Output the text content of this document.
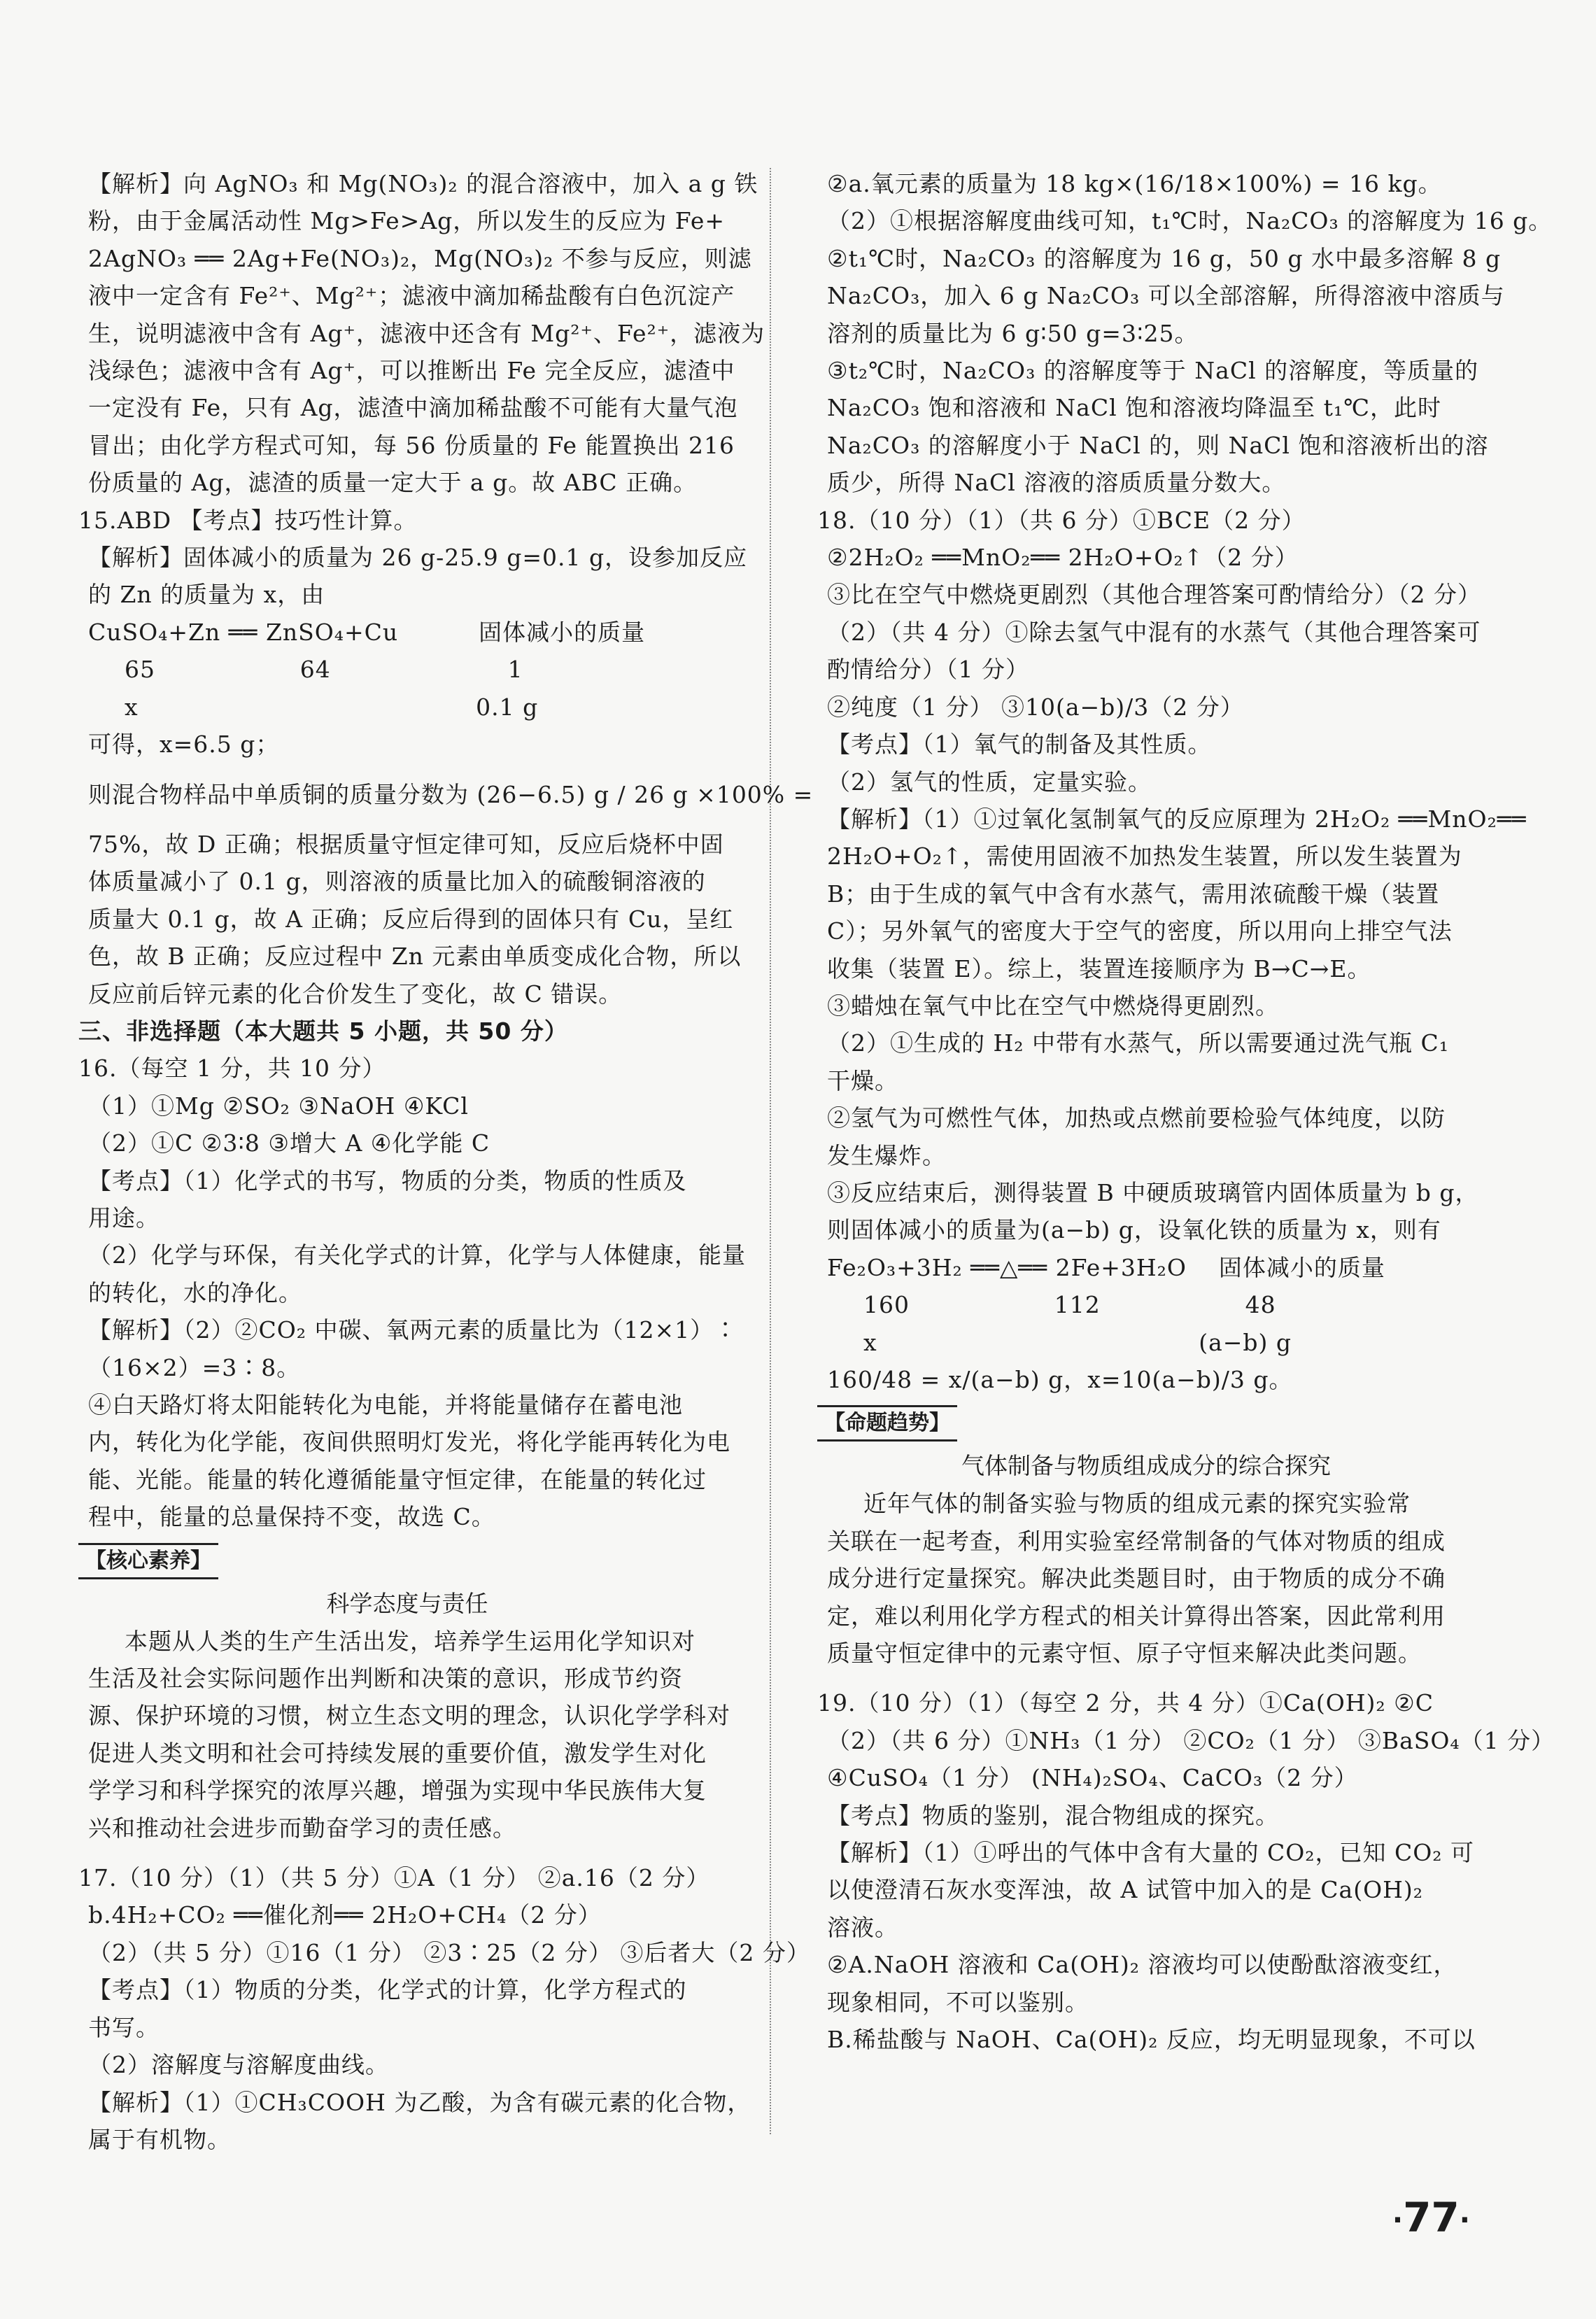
【解析】向 AgNO₃ 和 Mg(NO₃)₂ 的混合溶液中，加入 a g 铁
粉，由于金属活动性 Mg>Fe>Ag，所以发生的反应为 Fe+
2AgNO₃ ══ 2Ag+Fe(NO₃)₂，Mg(NO₃)₂ 不参与反应，则滤
液中一定含有 Fe²⁺、Mg²⁺；滤液中滴加稀盐酸有白色沉淀产
生，说明滤液中含有 Ag⁺，滤液中还含有 Mg²⁺、Fe²⁺，滤液为
浅绿色；滤液中含有 Ag⁺，可以推断出 Fe 完全反应，滤渣中
一定没有 Fe，只有 Ag，滤渣中滴加稀盐酸不可能有大量气泡
冒出；由化学方程式可知，每 56 份质量的 Fe 能置换出 216
份质量的 Ag，滤渣的质量一定大于 a g。故 ABC 正确。
15.ABD 【考点】技巧性计算。
【解析】固体减小的质量为 26 g-25.9 g=0.1 g，设参加反应
的 Zn 的质量为 x，由
CuSO₄+Zn ══ ZnSO₄+Cu          固体减小的质量
65                  64                      1
x                                          0.1 g
可得，x=6.5 g；
则混合物样品中单质铜的质量分数为 (26−6.5) g / 26 g ×100% =
75%，故 D 正确；根据质量守恒定律可知，反应后烧杯中固
体质量减小了 0.1 g，则溶液的质量比加入的硫酸铜溶液的
质量大 0.1 g，故 A 正确；反应后得到的固体只有 Cu，呈红
色，故 B 正确；反应过程中 Zn 元素由单质变成化合物，所以
反应前后锌元素的化合价发生了变化，故 C 错误。
三、非选择题（本大题共 5 小题，共 50 分）
16.（每空 1 分，共 10 分）
（1）①Mg ②SO₂ ③NaOH ④KCl
（2）①C ②3∶8 ③增大 A ④化学能 C
【考点】（1）化学式的书写，物质的分类，物质的性质及
用途。
（2）化学与环保，有关化学式的计算，化学与人体健康，能量
的转化，水的净化。
【解析】（2）②CO₂ 中碳、氧两元素的质量比为（12×1）∶
（16×2）=3∶8。
④白天路灯将太阳能转化为电能，并将能量储存在蓄电池
内，转化为化学能，夜间供照明灯发光，将化学能再转化为电
能、光能。能量的转化遵循能量守恒定律，在能量的转化过
程中，能量的总量保持不变，故选 C。
【核心素养】
科学态度与责任
本题从人类的生产生活出发，培养学生运用化学知识对
生活及社会实际问题作出判断和决策的意识，形成节约资
源、保护环境的习惯，树立生态文明的理念，认识化学学科对
促进人类文明和社会可持续发展的重要价值，激发学生对化
学学习和科学探究的浓厚兴趣，增强为实现中华民族伟大复
兴和推动社会进步而勤奋学习的责任感。
17.（10 分）（1）（共 5 分）①A（1 分） ②a.16（2 分）
b.4H₂+CO₂ ══催化剂══ 2H₂O+CH₄（2 分）
（2）（共 5 分）①16（1 分） ②3∶25（2 分） ③后者大（2 分）
【考点】（1）物质的分类，化学式的计算，化学方程式的
书写。
（2）溶解度与溶解度曲线。
【解析】（1）①CH₃COOH 为乙酸，为含有碳元素的化合物，
属于有机物。
②a.氧元素的质量为 18 kg×(16/18×100%) = 16 kg。
（2）①根据溶解度曲线可知，t₁℃时，Na₂CO₃ 的溶解度为 16 g。
②t₁℃时，Na₂CO₃ 的溶解度为 16 g，50 g 水中最多溶解 8 g
Na₂CO₃，加入 6 g Na₂CO₃ 可以全部溶解，所得溶液中溶质与
溶剂的质量比为 6 g∶50 g=3∶25。
③t₂℃时，Na₂CO₃ 的溶解度等于 NaCl 的溶解度，等质量的
Na₂CO₃ 饱和溶液和 NaCl 饱和溶液均降温至 t₁℃，此时
Na₂CO₃ 的溶解度小于 NaCl 的，则 NaCl 饱和溶液析出的溶
质少，所得 NaCl 溶液的溶质质量分数大。
18.（10 分）（1）（共 6 分）①BCE（2 分）
②2H₂O₂ ══MnO₂══ 2H₂O+O₂↑（2 分）
③比在空气中燃烧更剧烈（其他合理答案可酌情给分）（2 分）
（2）（共 4 分）①除去氢气中混有的水蒸气（其他合理答案可
酌情给分）（1 分）
②纯度（1 分） ③10(a−b)/3（2 分）
【考点】（1）氧气的制备及其性质。
（2）氢气的性质，定量实验。
【解析】（1）①过氧化氢制氧气的反应原理为 2H₂O₂ ══MnO₂══
2H₂O+O₂↑，需使用固液不加热发生装置，所以发生装置为
B；由于生成的氧气中含有水蒸气，需用浓硫酸干燥（装置
C）；另外氧气的密度大于空气的密度，所以用向上排空气法
收集（装置 E）。综上，装置连接顺序为 B→C→E。
③蜡烛在氧气中比在空气中燃烧得更剧烈。
（2）①生成的 H₂ 中带有水蒸气，所以需要通过洗气瓶 C₁
干燥。
②氢气为可燃性气体，加热或点燃前要检验气体纯度，以防
发生爆炸。
③反应结束后，测得装置 B 中硬质玻璃管内固体质量为 b g，
则固体减小的质量为(a−b) g，设氧化铁的质量为 x，则有
Fe₂O₃+3H₂ ══△══ 2Fe+3H₂O    固体减小的质量
160                  112                  48
x                                        (a−b) g
160/48 = x/(a−b) g，x=10(a−b)/3 g。
【命题趋势】
气体制备与物质组成成分的综合探究
近年气体的制备实验与物质的组成元素的探究实验常
关联在一起考查，利用实验室经常制备的气体对物质的组成
成分进行定量探究。解决此类题目时，由于物质的成分不确
定，难以利用化学方程式的相关计算得出答案，因此常利用
质量守恒定律中的元素守恒、原子守恒来解决此类问题。
19.（10 分）（1）（每空 2 分，共 4 分）①Ca(OH)₂ ②C
（2）（共 6 分）①NH₃（1 分） ②CO₂（1 分） ③BaSO₄（1 分）
④CuSO₄（1 分） (NH₄)₂SO₄、CaCO₃（2 分）
【考点】物质的鉴别，混合物组成的探究。
【解析】（1）①呼出的气体中含有大量的 CO₂，已知 CO₂ 可
以使澄清石灰水变浑浊，故 A 试管中加入的是 Ca(OH)₂
溶液。
②A.NaOH 溶液和 Ca(OH)₂ 溶液均可以使酚酞溶液变红，
现象相同，不可以鉴别。
B.稀盐酸与 NaOH、Ca(OH)₂ 反应，均无明显现象，不可以
·77·
